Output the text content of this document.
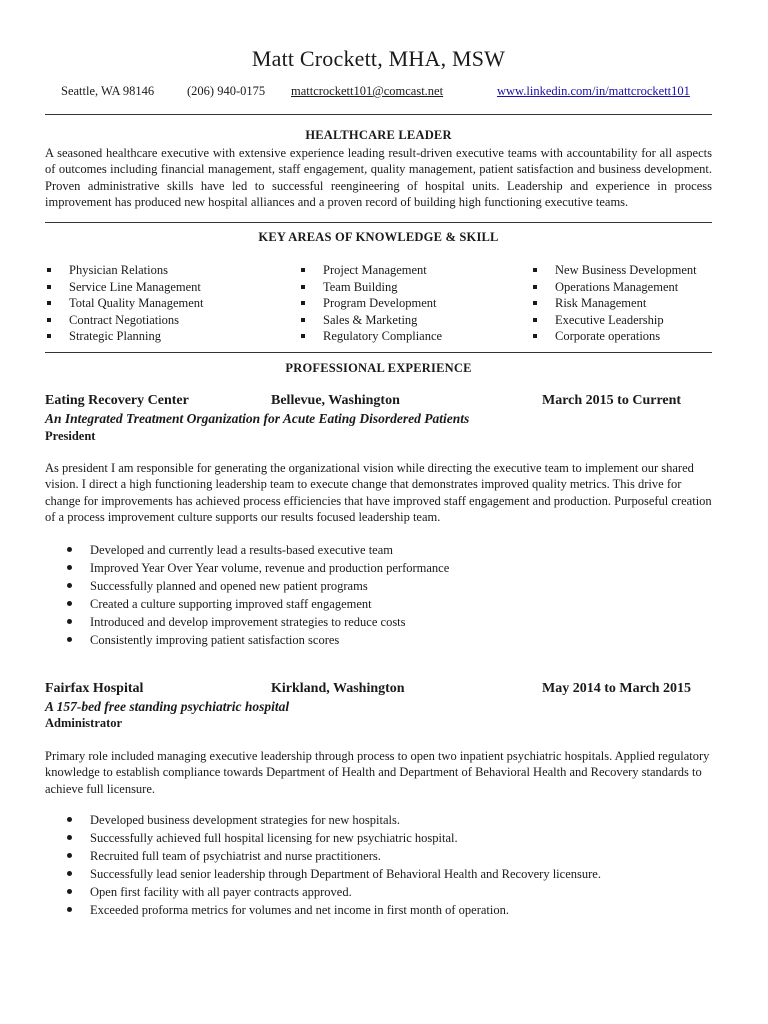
Matt Crockett, MHA, MSW
Seattle, WA 98146	(206) 940-0175 mattcrockett101@comcast.net	www.linkedin.com/in/mattcrockett101
HEALTHCARE LEADER

A seasoned healthcare executive with extensive experience leading result-driven executive teams with accountability for all aspects of outcomes including financial management, staff engagement, quality management, patient satisfaction and business development. Proven administrative skills have led to successful reengineering of hospital units. Leadership and experience in process improvement has produced new hospital alliances and a proven record of building high functioning executive teams.

KEY AREAS OF KNOWLEDGE & SKILL
Physician Relations
Service Line Management
Total Quality Management
Contract Negotiations
Strategic Planning
Project Management
Team Building
Program Development
Sales & Marketing
Regulatory Compliance
New Business Development
Operations Management
Risk Management
Executive Leadership
Corporate operations
PROFESSIONAL EXPERIENCE
Eating Recovery Center	Bellevue, Washington	March 2015 to Current
An Integrated Treatment Organization for Acute Eating Disordered Patients
President

As president I am responsible for generating the organizational vision while directing the executive team to implement our shared vision. I direct a high functioning leadership team to execute change that demonstrates improved quality metrics. This drive for change for improvements has achieved process efficiencies that have improved staff engagement and production. Purposeful creation of a process improvement culture supports our results focused leadership team.

Developed and currently lead a results-based executive team
Improved Year Over Year volume, revenue and production performance
Successfully planned and opened new patient programs
Created a culture supporting improved staff engagement
Introduced and develop improvement strategies to reduce costs
Consistently improving patient satisfaction scores
Fairfax Hospital	Kirkland, Washington	May 2014 to March 2015
A 157-bed free standing psychiatric hospital
Administrator

Primary role included managing executive leadership through process to open two inpatient psychiatric hospitals. Applied regulatory knowledge to establish compliance towards Department of Health and Department of Behavioral Health and Recovery standards to achieve full licensure.

Developed business development strategies for new hospitals.
Successfully achieved full hospital licensing for new psychiatric hospital.
Recruited full team of psychiatrist and nurse practitioners.
Successfully lead senior leadership through Department of Behavioral Health and Recovery licensure.
Open first facility with all payer contracts approved.
Exceeded proforma metrics for volumes and net income in first month of operation.
